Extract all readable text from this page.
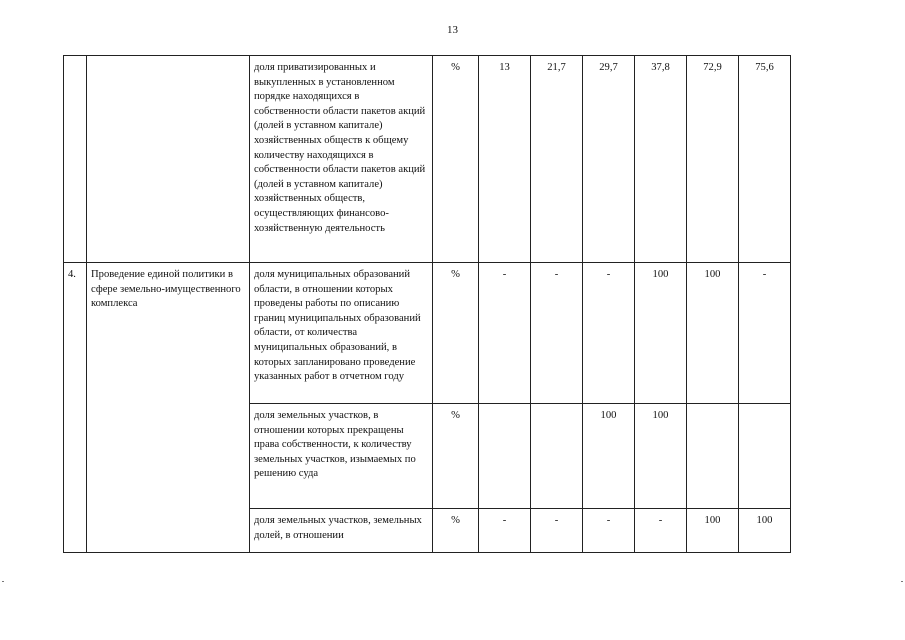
13
		доля приватизированных и выкупленных в установленном порядке находящихся в собственности области пакетов акций (долей в уставном капитале) хозяйственных обществ к общему количеству находящихся в собственности области пакетов акций (долей в уставном капитале) хозяйственных обществ, осуществляющих финансово-хозяйственную деятельность	%	13	21,7	29,7	37,8	72,9	75,6
4.	Проведение единой политики в сфере земельно-имущественного комплекса	доля муниципальных образований области, в отношении которых проведены работы по описанию границ муниципальных образований области, от количества муниципальных образований, в которых запланировано проведение указанных работ в отчетном году	%	-	-	-	100	100	-
		доля земельных участков, в отношении которых прекращены права собственности, к количеству земельных участков, изымаемых по решению суда	%			100	100		
		доля земельных участков, земельных долей, в отношении	%	-	-	-	-	100	100
